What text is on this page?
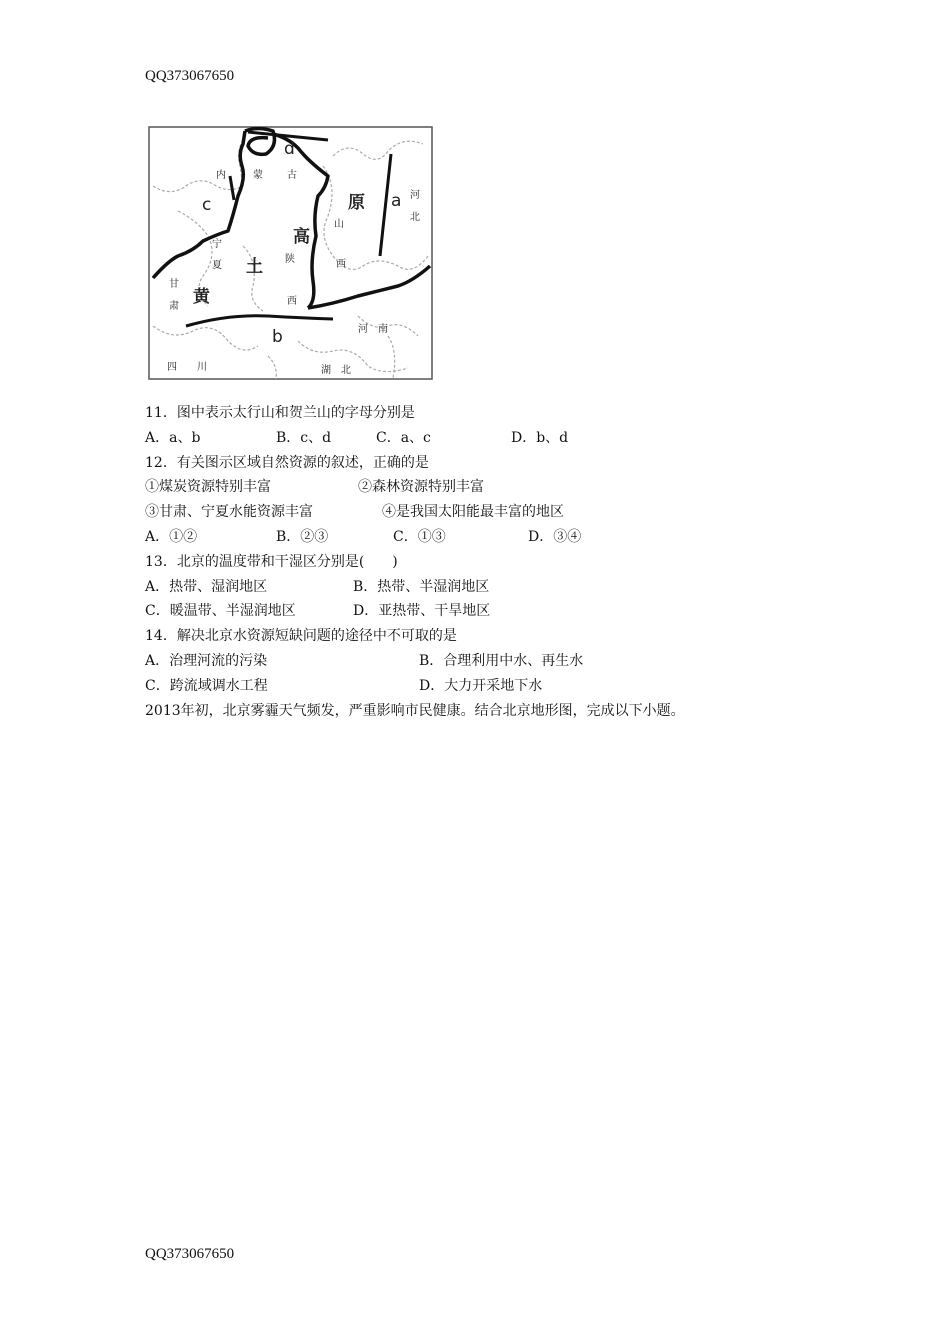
QQ373067650
d
c	a
b
原
高
土
黄
内	蒙 古
河
北
山
西
宁
夏
陕
西
甘
肃
河　南
四　　川	湖　北
11．图中表示太行山和贺兰山的字母分别是

A．a、b

	B．c、d

	C．a、c

	D．b、d

12．有关图示区域自然资源的叙述，正确的是

①煤炭资源特别丰富

	②森林资源特别丰富

③甘肃、宁夏水能资源丰富

	④是我国太阳能最丰富的地区

A．①②

	B．②③

	C．①③

	D．③④

13．北京的温度带和干湿区分别是(　　)

A．热带、湿润地区

	B．热带、半湿润地区

C．暖温带、半湿润地区

	D．亚热带、干旱地区

14．解决北京水资源短缺问题的途径中不可取的是

A．治理河流的污染

	B．合理利用中水、再生水

C．跨流域调水工程

	D．大力开采地下水

2013年初，北京雾霾天气频发，严重影响市民健康。结合北京地形图，完成以下小题。
QQ373067650
